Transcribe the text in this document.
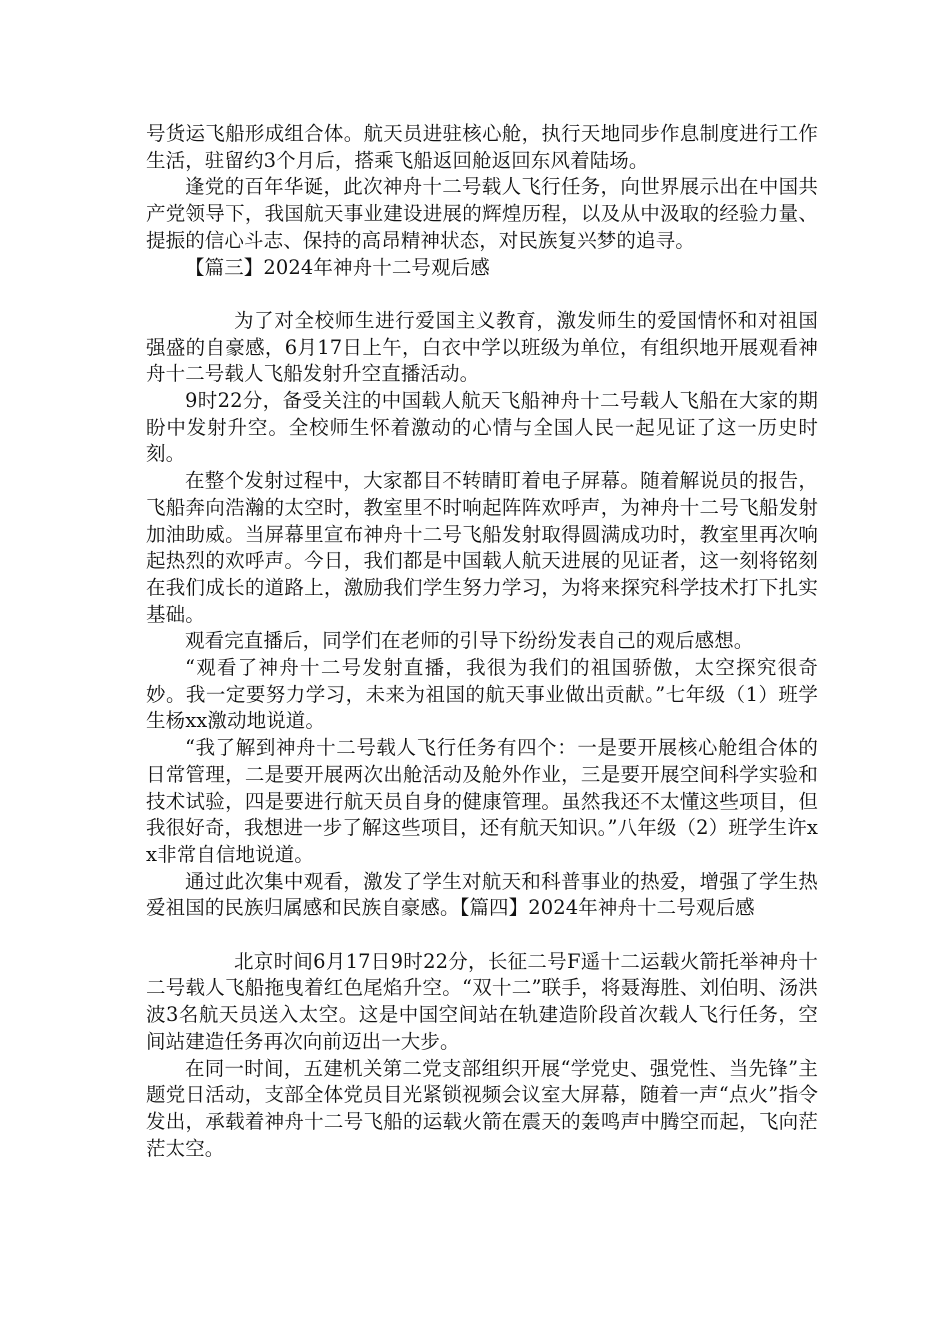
号货运飞船形成组合体。航天员进驻核心舱，执行天地同步作息制度进行工作生活，驻留约3个月后，搭乘飞船返回舱返回东风着陆场。

逢党的百年华诞，此次神舟十二号载人飞行任务，向世界展示出在中国共产党领导下，我国航天事业建设进展的辉煌历程，以及从中汲取的经验力量、提振的信心斗志、保持的高昂精神状态，对民族复兴梦的追寻。

【篇三】2024年神舟十二号观后感

为了对全校师生进行爱国主义教育，激发师生的爱国情怀和对祖国强盛的自豪感，6月17日上午，白衣中学以班级为单位，有组织地开展观看神舟十二号载人飞船发射升空直播活动。

9时22分，备受关注的中国载人航天飞船神舟十二号载人飞船在大家的期盼中发射升空。全校师生怀着激动的心情与全国人民一起见证了这一历史时刻。

在整个发射过程中，大家都目不转睛盯着电子屏幕。随着解说员的报告，飞船奔向浩瀚的太空时，教室里不时响起阵阵欢呼声，为神舟十二号飞船发射加油助威。当屏幕里宣布神舟十二号飞船发射取得圆满成功时，教室里再次响起热烈的欢呼声。今日，我们都是中国载人航天进展的见证者，这一刻将铭刻在我们成长的道路上，激励我们学生努力学习，为将来探究科学技术打下扎实基础。

观看完直播后，同学们在老师的引导下纷纷发表自己的观后感想。

“观看了神舟十二号发射直播，我很为我们的祖国骄傲，太空探究很奇妙。我一定要努力学习，未来为祖国的航天事业做出贡献。”七年级（1）班学生杨xx激动地说道。

“我了解到神舟十二号载人飞行任务有四个：一是要开展核心舱组合体的日常管理，二是要开展两次出舱活动及舱外作业，三是要开展空间科学实验和技术试验，四是要进行航天员自身的健康管理。虽然我还不太懂这些项目，但我很好奇，我想进一步了解这些项目，还有航天知识。”八年级（2）班学生许xx非常自信地说道。

通过此次集中观看，激发了学生对航天和科普事业的热爱，增强了学生热爱祖国的民族归属感和民族自豪感。【篇四】2024年神舟十二号观后感

北京时间6月17日9时22分，长征二号F遥十二运载火箭托举神舟十二号载人飞船拖曳着红色尾焰升空。“双十二”联手，将聂海胜、刘伯明、汤洪波3名航天员送入太空。这是中国空间站在轨建造阶段首次载人飞行任务，空间站建造任务再次向前迈出一大步。

在同一时间，五建机关第二党支部组织开展“学党史、强党性、当先锋”主题党日活动，支部全体党员目光紧锁视频会议室大屏幕，随着一声“点火”指令发出，承载着神舟十二号飞船的运载火箭在震天的轰鸣声中腾空而起，飞向茫茫太空。
